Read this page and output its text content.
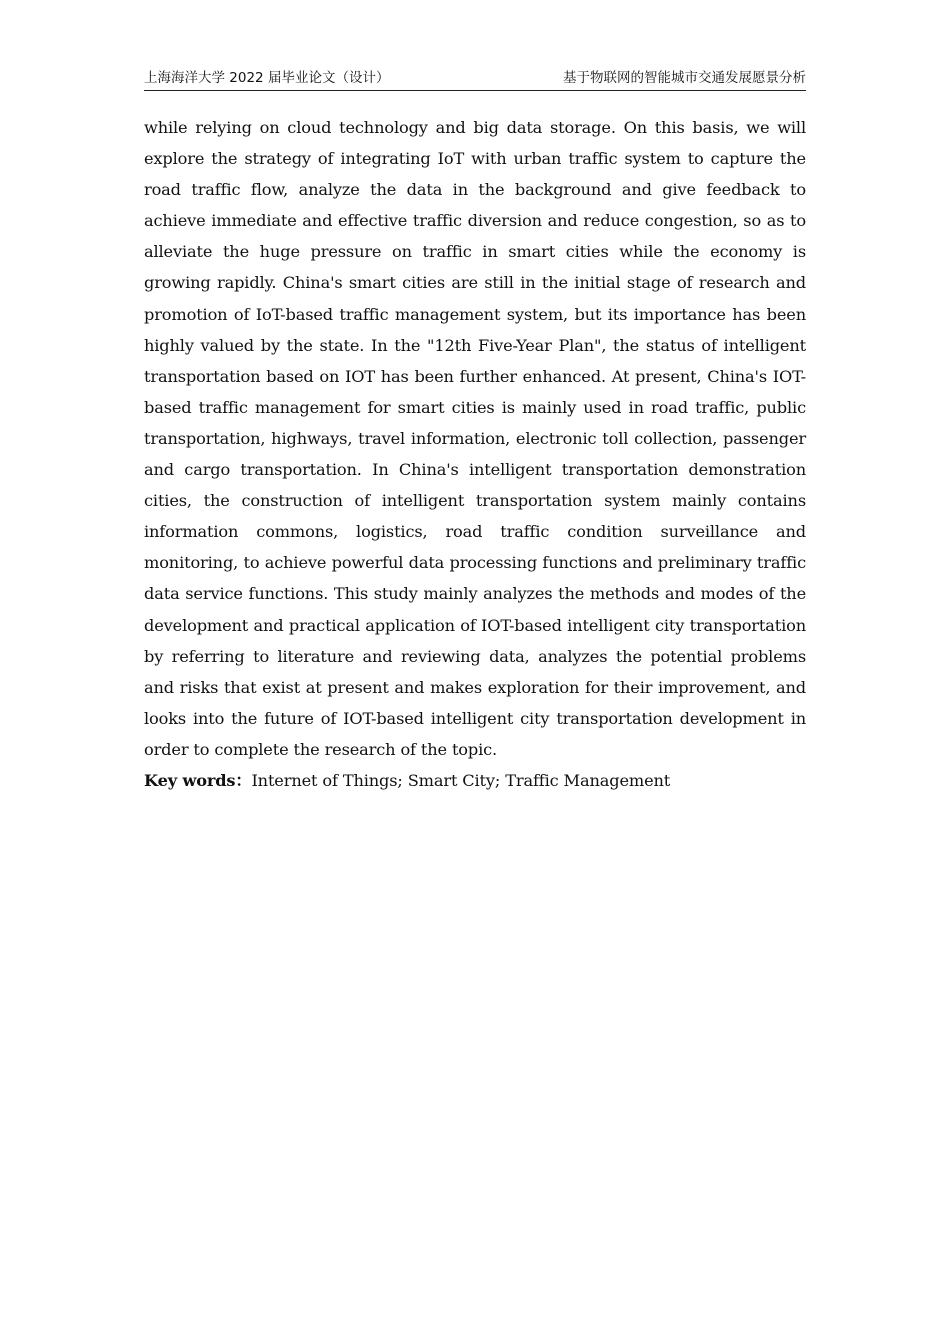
上海海洋大学 2022 届毕业论文（设计）	基于物联网的智能城市交通发展愿景分析

while relying on cloud technology and big data storage. On this basis, we will explore the strategy of integrating IoT with urban traffic system to capture the road traffic flow, analyze the data in the background and give feedback to achieve immediate and effective traffic diversion and reduce congestion, so as to alleviate the huge pressure on traffic in smart cities while the economy is growing rapidly. China's smart cities are still in the initial stage of research and promotion of IoT-based traffic management system, but its importance has been highly valued by the state. In the "12th Five-Year Plan", the status of intelligent transportation based on IOT has been further enhanced. At present, China's IOT-based traffic management for smart cities is mainly used in road traffic, public transportation, highways, travel information, electronic toll collection, passenger and cargo transportation. In China's intelligent transportation demonstration cities, the construction of intelligent transportation system mainly contains information commons, logistics, road traffic condition surveillance and monitoring, to achieve powerful data processing functions and preliminary traffic data service functions. This study mainly analyzes the methods and modes of the development and practical application of IOT-based intelligent city transportation by referring to literature and reviewing data, analyzes the potential problems and risks that exist at present and makes exploration for their improvement, and looks into the future of IOT-based intelligent city transportation development in order to complete the research of the topic.

Key words：Internet of Things; Smart City; Traffic Management
